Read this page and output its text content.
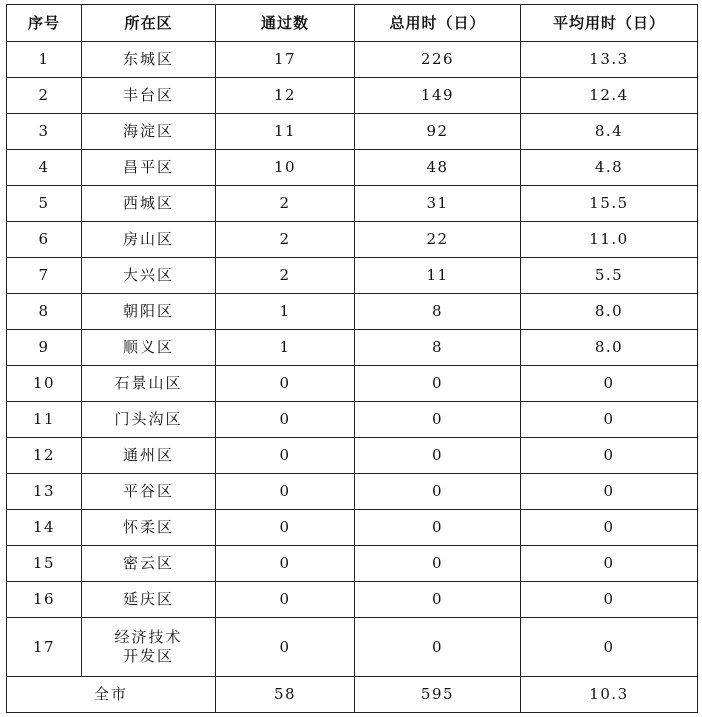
序号	所在区	通过数	总用时（日）	平均用时（日）
1	东城区	17	226	13.3
2	丰台区	12	149	12.4
3	海淀区	11	92	8.4
4	昌平区	10	48	4.8
5	西城区	2	31	15.5
6	房山区	2	22	11.0
7	大兴区	2	11	5.5
8	朝阳区	1	8	8.0
9	顺义区	1	8	8.0
10	石景山区	0	0	0
11	门头沟区	0	0	0
12	通州区	0	0	0
13	平谷区	0	0	0
14	怀柔区	0	0	0
15	密云区	0	0	0
16	延庆区	0	0	0
17	经济技术开发区	0	0	0
全市		58	595	10.3
